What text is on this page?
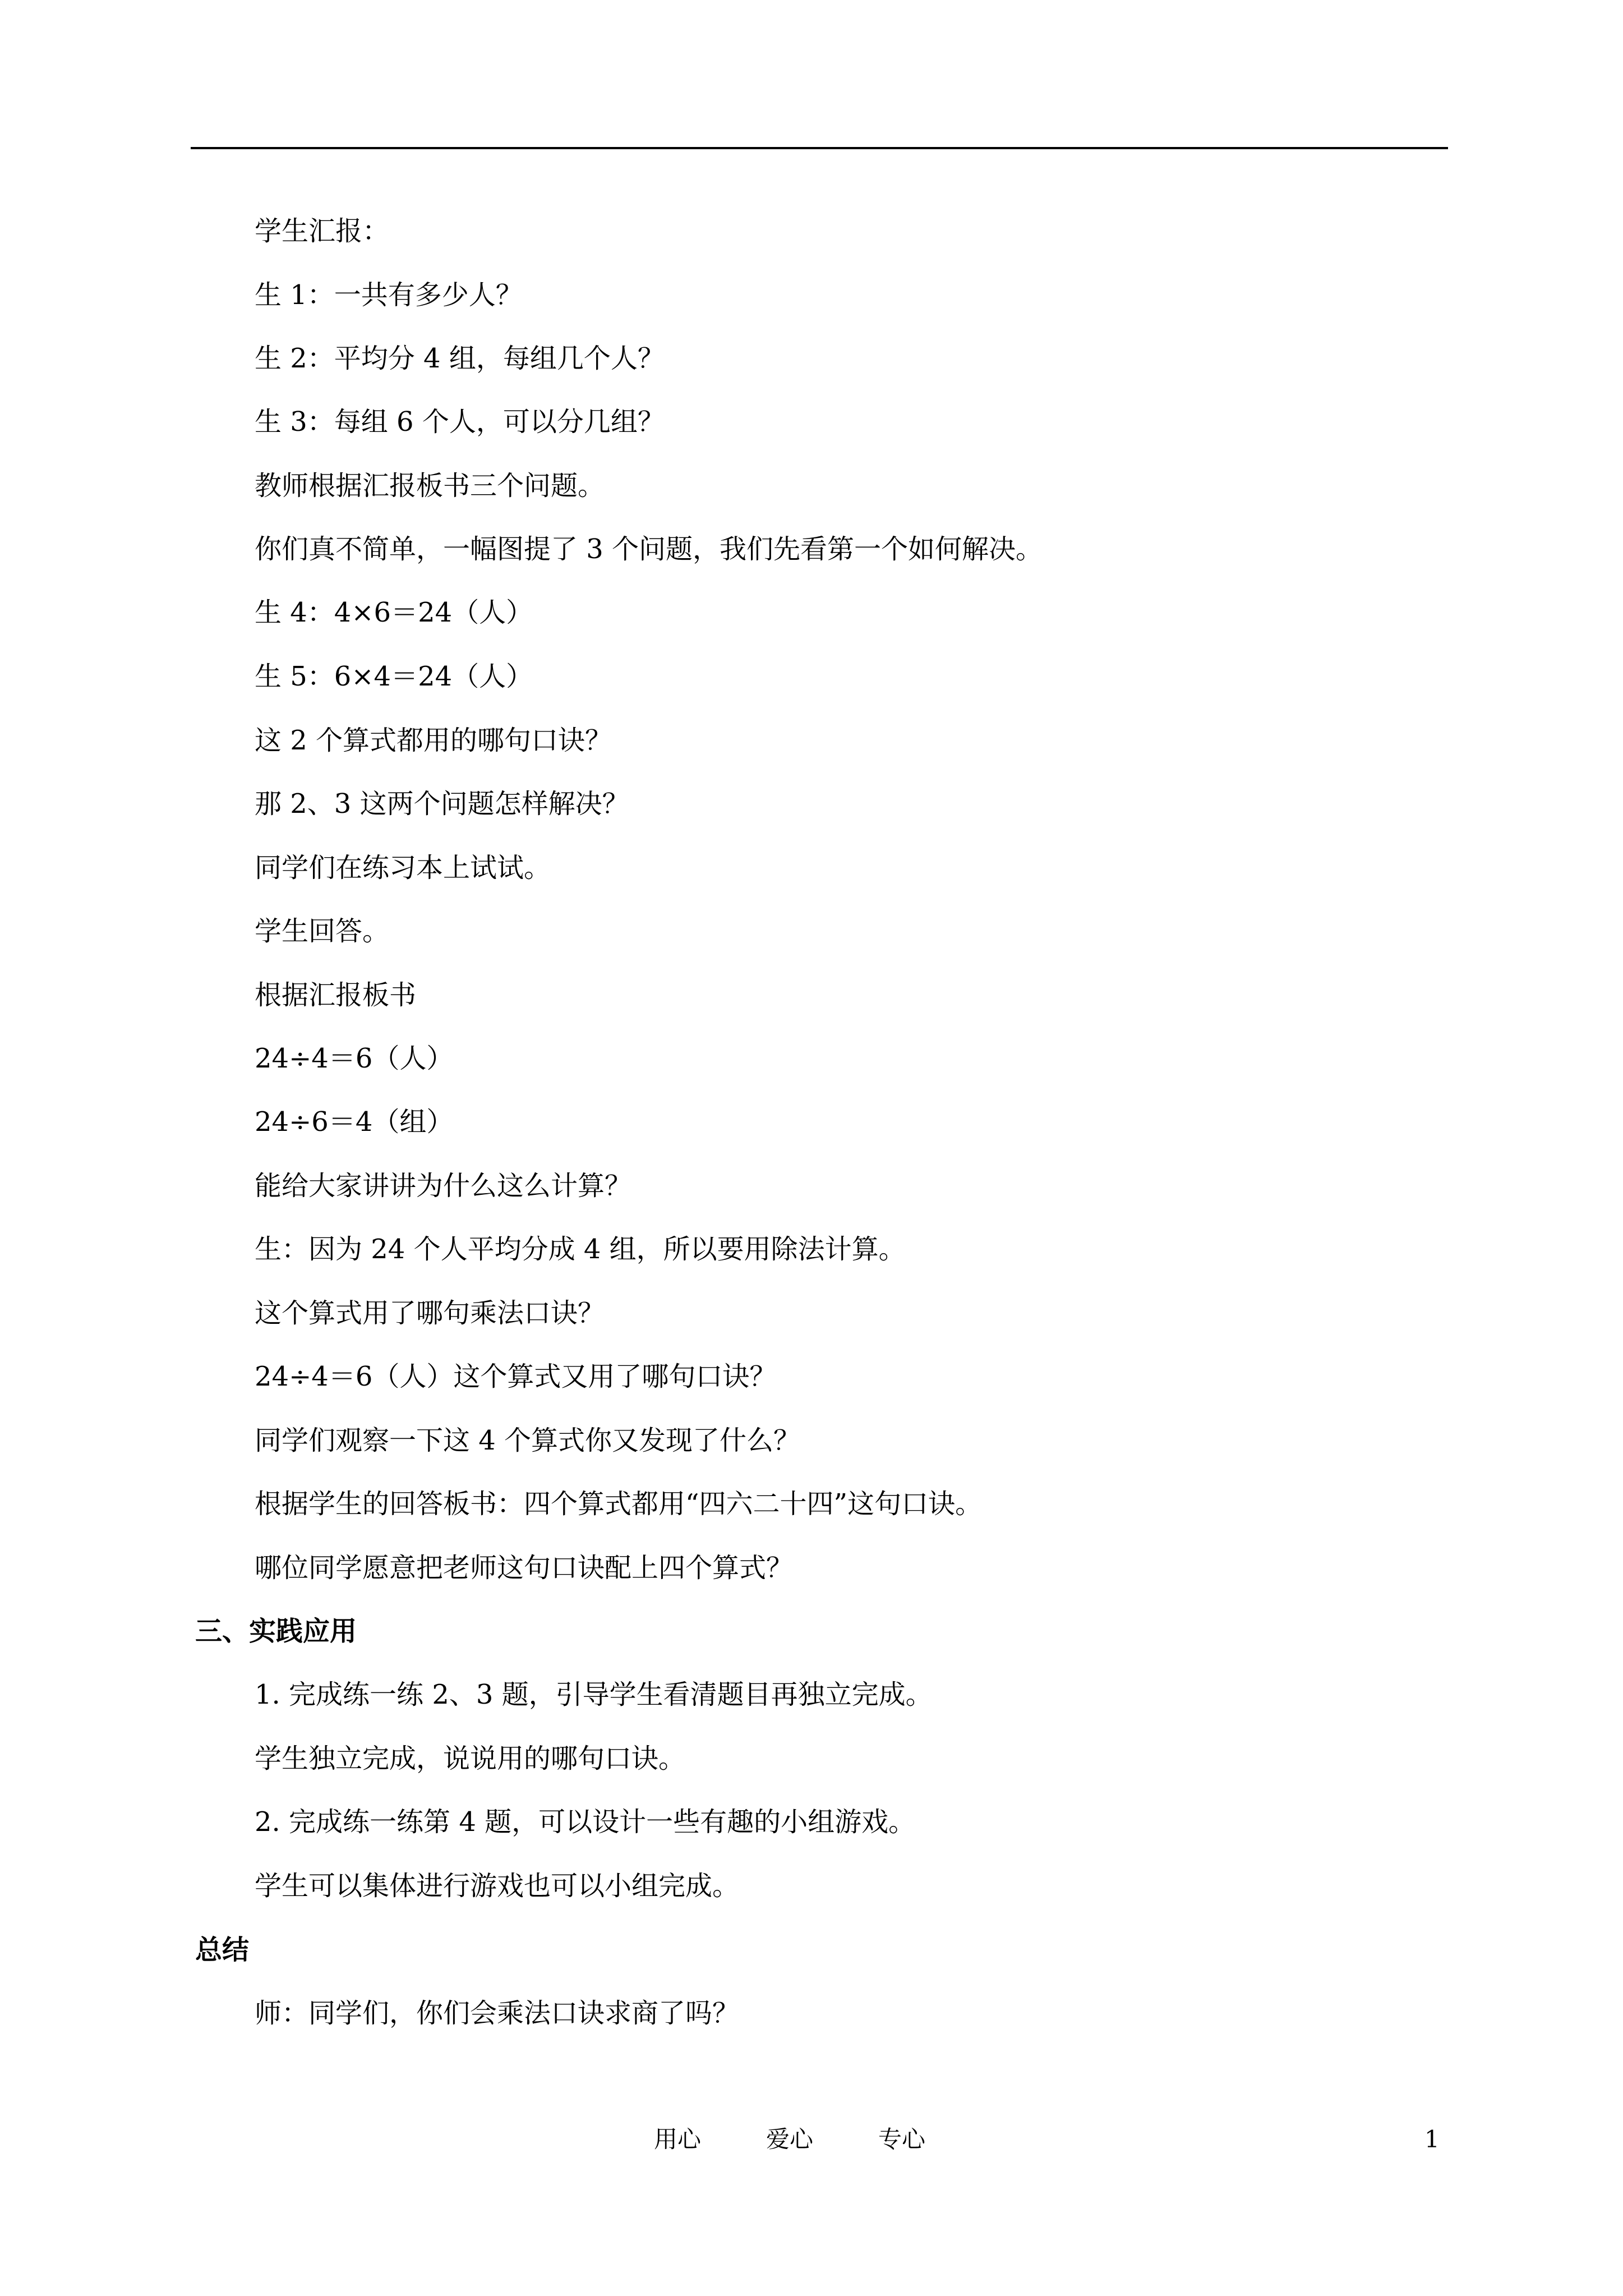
学生汇报：
生 1：一共有多少人？
生 2：平均分 4 组，每组几个人？
生 3：每组 6 个人，可以分几组？
教师根据汇报板书三个问题。
你们真不简单，一幅图提了 3 个问题，我们先看第一个如何解决。
生 4：4×6＝24（人）
生 5：6×4＝24（人）
这 2 个算式都用的哪句口诀？
那 2、3 这两个问题怎样解决？
同学们在练习本上试试。
学生回答。
根据汇报板书
24÷4＝6（人）
24÷6＝4（组）
能给大家讲讲为什么这么计算？
生：因为 24 个人平均分成 4 组，所以要用除法计算。
这个算式用了哪句乘法口诀？
24÷4＝6（人）这个算式又用了哪句口诀？
同学们观察一下这 4 个算式你又发现了什么？
根据学生的回答板书：四个算式都用“四六二十四”这句口诀。
哪位同学愿意把老师这句口诀配上四个算式？
三、实践应用
1. 完成练一练 2、3 题，引导学生看清题目再独立完成。
学生独立完成，说说用的哪句口诀。
2. 完成练一练第 4 题，可以设计一些有趣的小组游戏。
学生可以集体进行游戏也可以小组完成。
总结
师：同学们，你们会乘法口诀求商了吗？
用心	爱心	专心	1
